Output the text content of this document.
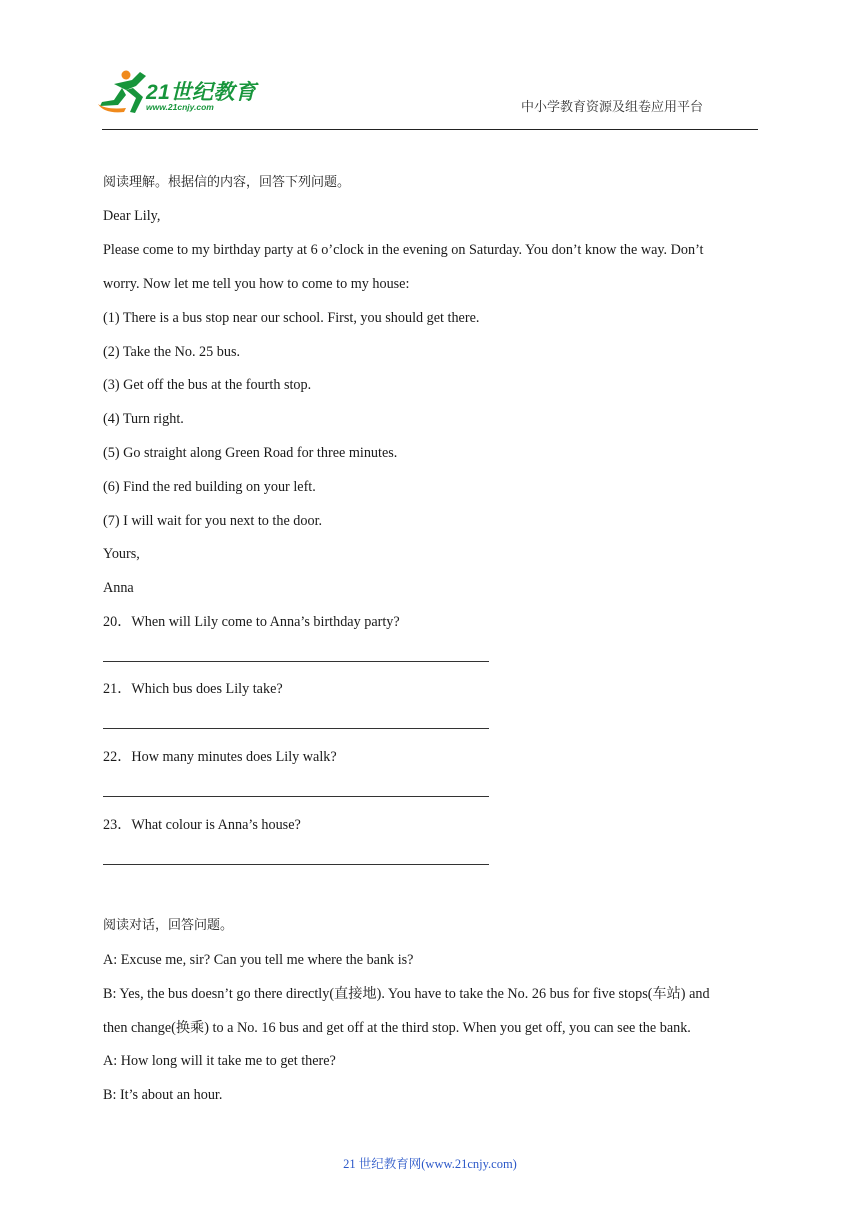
21世纪教育
www.21cnjy.com	中小学教育资源及组卷应用平台
阅读理解。根据信的内容，回答下列问题。
Dear Lily,
Please come to my birthday party at 6 o’clock in the evening on Saturday. You don’t know the way. Don’t
worry. Now let me tell you how to come to my house:
(1) There is a bus stop near our school. First, you should get there.
(2) Take the No. 25 bus.
(3) Get off the bus at the fourth stop.
(4) Turn right.
(5) Go straight along Green Road for three minutes.
(6) Find the red building on your left.
(7) I will wait for you next to the door.
Yours,
Anna
20．When will Lily come to Anna’s birthday party?
21．Which bus does Lily take?
22．How many minutes does Lily walk?
23．What colour is Anna’s house?
阅读对话，回答问题。
A: Excuse me, sir? Can you tell me where the bank is?
B: Yes, the bus doesn’t go there directly(直接地). You have to take the No. 26 bus for five stops(车站) and
then change(换乘) to a No. 16 bus and get off at the third stop. When you get off, you can see the bank.
A: How long will it take me to get there?
B: It’s about an hour.
21 世纪教育网(www.21cnjy.com)
